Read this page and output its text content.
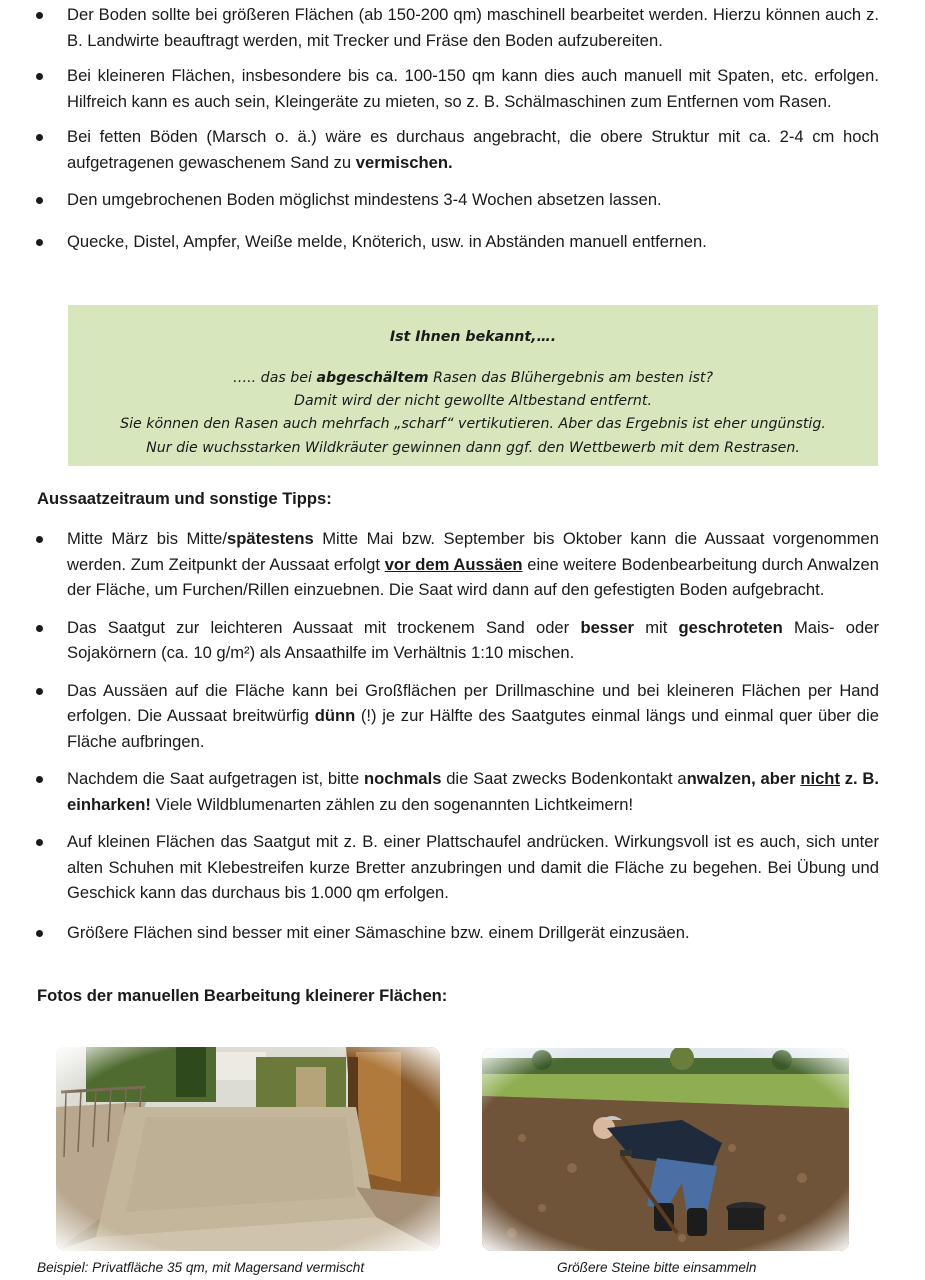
Der Boden sollte bei größeren Flächen (ab 150-200 qm) maschinell bearbeitet werden. Hierzu können auch z. B. Landwirte beauftragt werden, mit Trecker und Fräse den Boden aufzubereiten.
Bei kleineren Flächen, insbesondere bis ca. 100-150 qm kann dies auch manuell mit Spaten, etc. erfolgen. Hilfreich kann es auch sein, Kleingeräte zu mieten, so z. B. Schälmaschinen zum Entfernen vom Rasen.
Bei fetten Böden (Marsch o. ä.) wäre es durchaus angebracht, die obere Struktur mit ca. 2-4 cm hoch aufgetragenen gewaschenem Sand zu vermischen.
Den umgebrochenen Boden möglichst mindestens 3-4 Wochen absetzen lassen.
Quecke, Distel, Ampfer, Weiße melde, Knöterich, usw. in Abständen manuell entfernen.
Ist Ihnen bekannt,….
….. das bei abgeschältem Rasen das Blühergebnis am besten ist?
Damit wird der nicht gewollte Altbestand entfernt.
Sie können den Rasen auch mehrfach „scharf“ vertikutieren. Aber das Ergebnis ist eher ungünstig.
Nur die wuchsstarken Wildkräuter gewinnen dann ggf. den Wettbewerb mit dem Restrasen.
Aussaatzeitraum und sonstige Tipps:
Mitte März bis Mitte/spätestens Mitte Mai bzw. September bis Oktober kann die Aussaat vorgenommen werden. Zum Zeitpunkt der Aussaat erfolgt vor dem Aussäen eine weitere Bodenbearbeitung durch Anwalzen der Fläche, um Furchen/Rillen einzuebnen. Die Saat wird dann auf den gefestigten Boden aufgebracht.
Das Saatgut zur leichteren Aussaat mit trockenem Sand oder besser mit geschroteten Mais- oder Sojakörnern (ca. 10 g/m²) als Ansaathilfe im Verhältnis 1:10 mischen.
Das Aussäen auf die Fläche kann bei Großflächen per Drillmaschine und bei kleineren Flächen per Hand erfolgen. Die Aussaat breitwürfig dünn (!) je zur Hälfte des Saatgutes einmal längs und einmal quer über die Fläche aufbringen.
Nachdem die Saat aufgetragen ist, bitte nochmals die Saat zwecks Bodenkontakt anwalzen, aber nicht z. B. einharken! Viele Wildblumenarten zählen zu den sogenannten Lichtkeimern!
Auf kleinen Flächen das Saatgut mit z. B. einer Plattschaufel andrücken. Wirkungsvoll ist es auch, sich unter alten Schuhen mit Klebestreifen kurze Bretter anzubringen und damit die Fläche zu begehen. Bei Übung und Geschick kann das durchaus bis 1.000 qm erfolgen.
Größere Flächen sind besser mit einer Sämaschine bzw. einem Drillgerät einzusäen.
Fotos der manuellen Bearbeitung kleinerer Flächen:
Beispiel: Privatfläche 35 qm, mit Magersand vermischt	Größere Steine bitte einsammeln
